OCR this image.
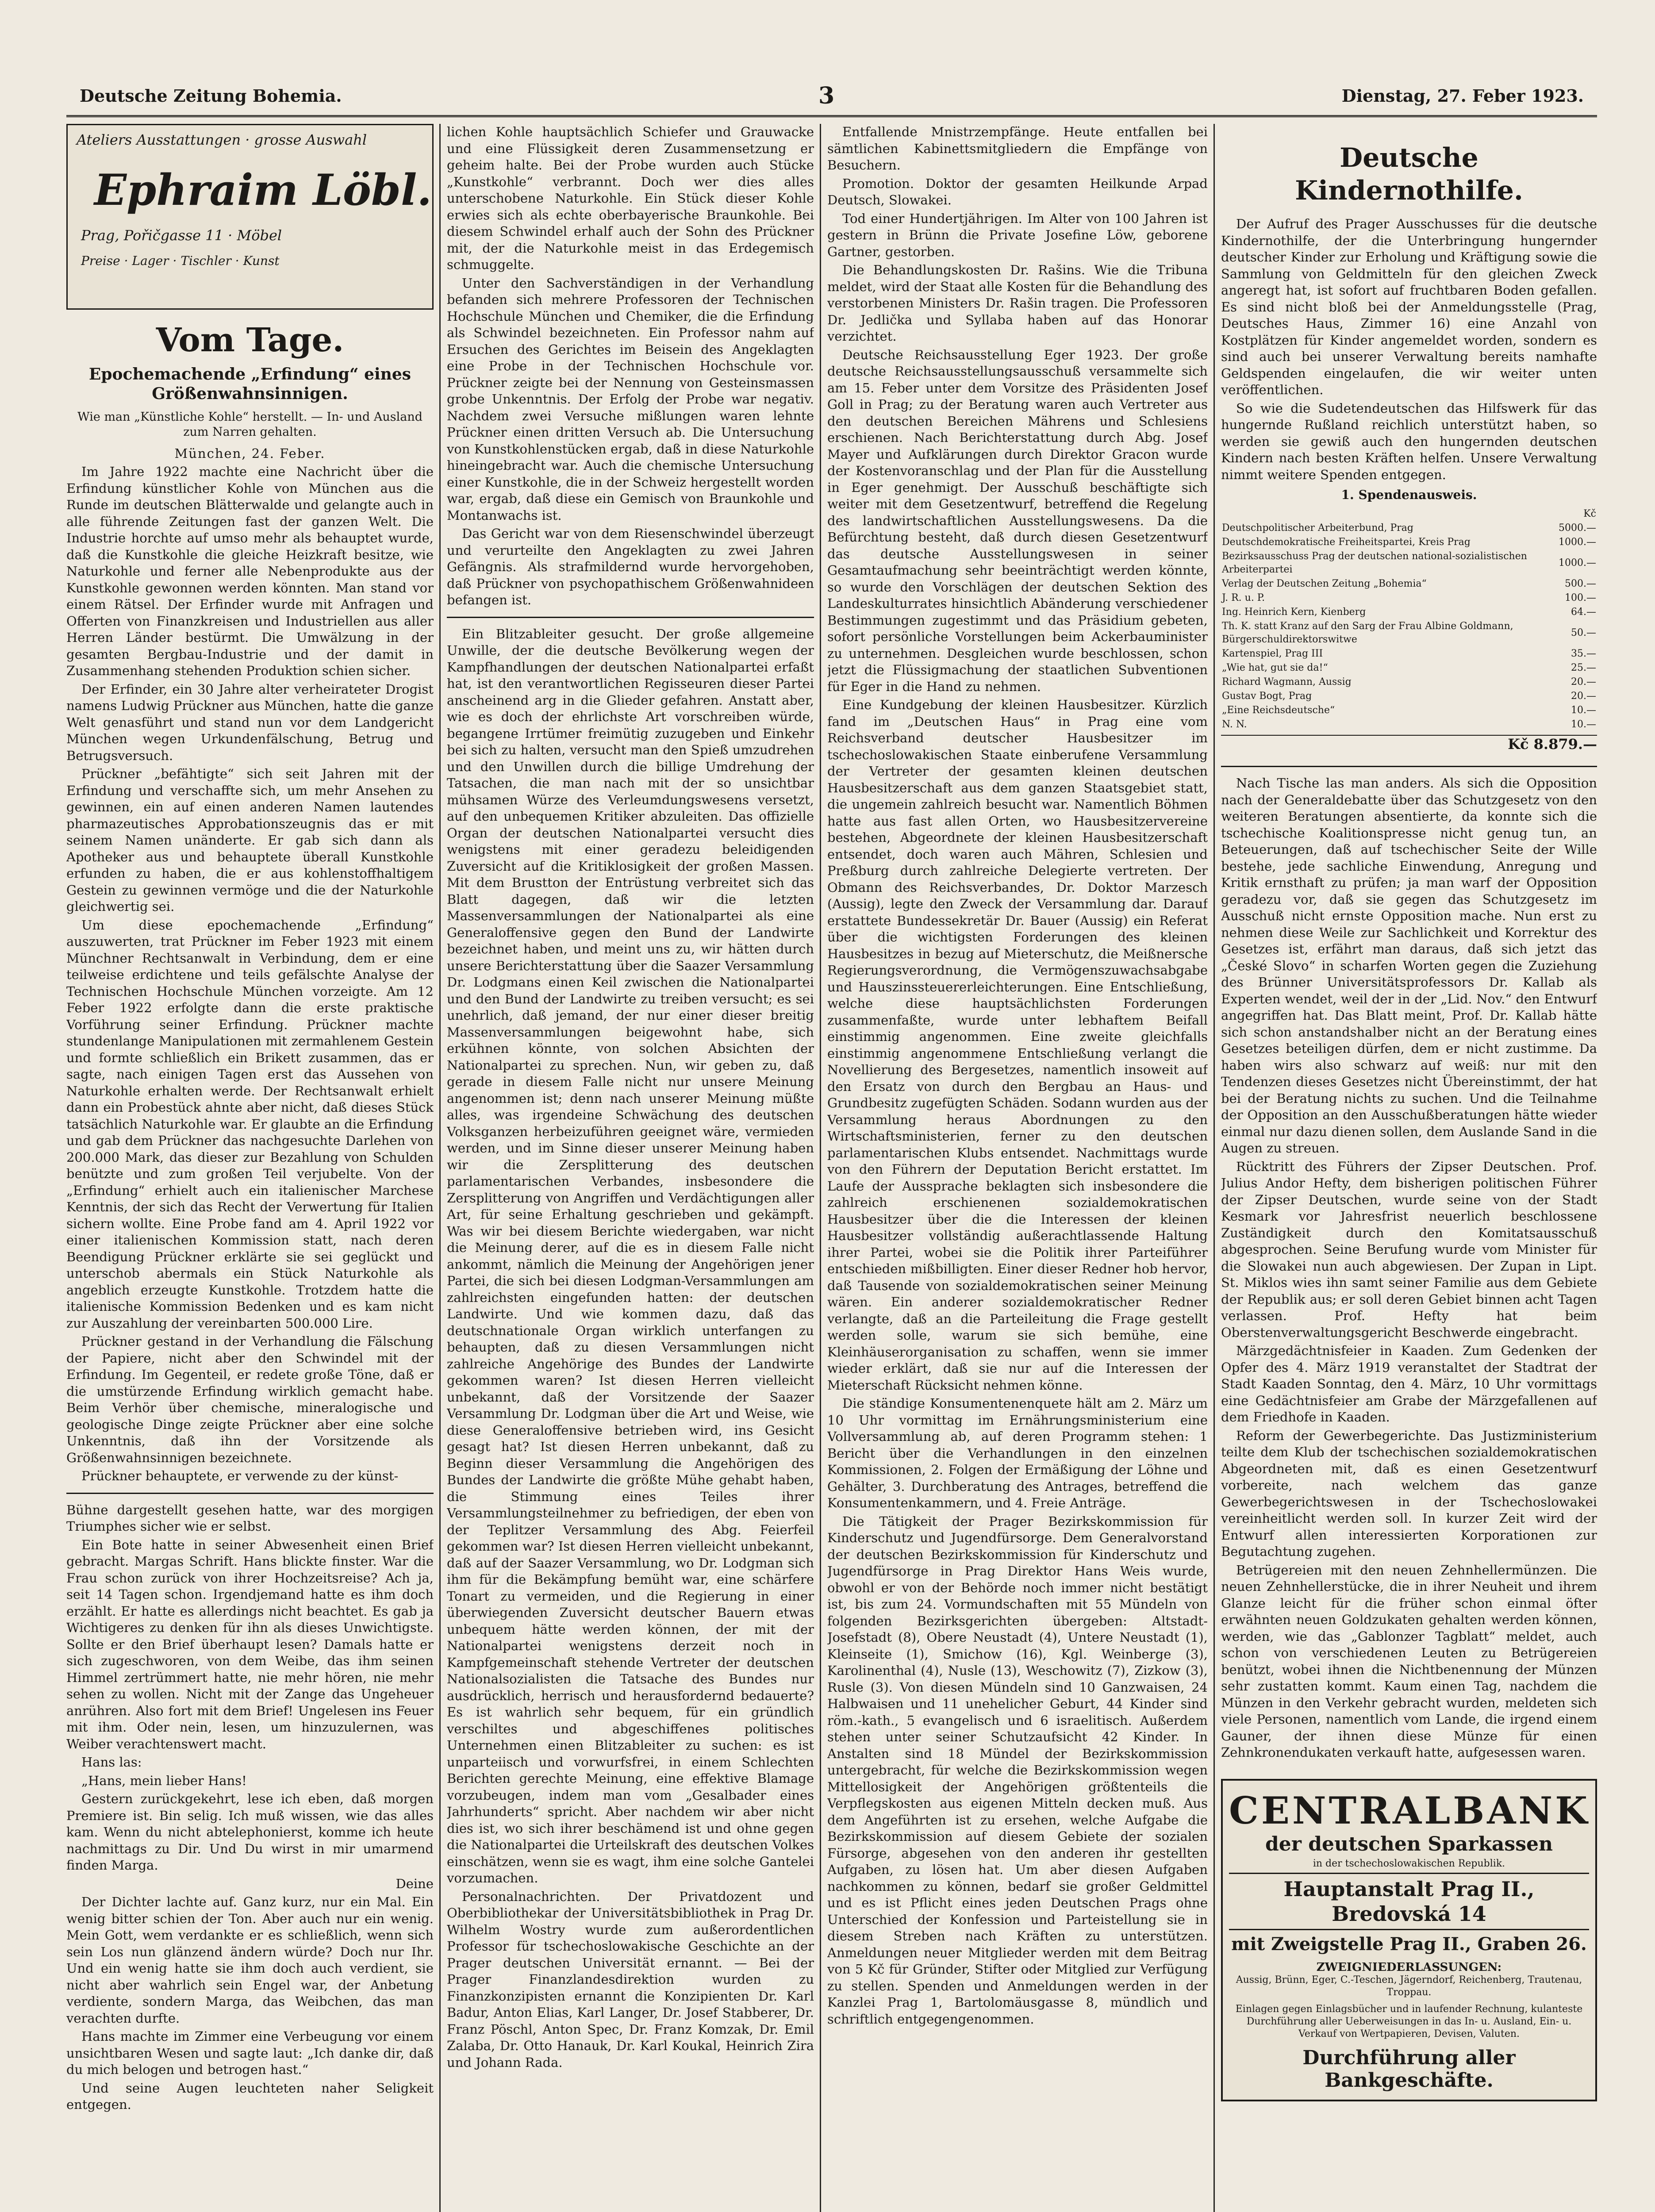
Deutsche Zeitung Bohemia.	3	Dienstag, 27. Feber 1923.
Ateliers Ausstattungen · grosse Auswahl
Ephraim Löbl.
Prag, Pořičgasse 11 · Möbel
Preise · Lager · Tischler · Kunst
Vom Tage.
Epochemachende „Erfindung“ eines Größenwahnsinnigen.
Wie man „Künstliche Kohle“ herstellt. — In- und Ausland zum Narren gehalten.
München, 24. Feber.

Im Jahre 1922 machte eine Nachricht über die Erfindung künstlicher Kohle von München aus die Runde im deutschen Blätterwalde und gelangte auch in alle führende Zeitungen fast der ganzen Welt. Die Industrie horchte auf umso mehr als behauptet wurde, daß die Kunstkohle die gleiche Heizkraft besitze, wie Naturkohle und ferner alle Nebenprodukte aus der Kunstkohle gewonnen werden könnten. Man stand vor einem Rätsel. Der Erfinder wurde mit Anfragen und Offerten von Finanzkreisen und Industriellen aus aller Herren Länder bestürmt. Die Umwälzung in der gesamten Bergbau-Industrie und der damit in Zusammenhang stehenden Produktion schien sicher.

Der Erfinder, ein 30 Jahre alter verheirateter Drogist namens Ludwig Prückner aus München, hatte die ganze Welt genasführt und stand nun vor dem Landgericht München wegen Urkundenfälschung, Betrug und Betrugsversuch.

Prückner „befähtigte“ sich seit Jahren mit der Erfindung und verschaffte sich, um mehr Ansehen zu gewinnen, ein auf einen anderen Namen lautendes pharmazeutisches Approbationszeugnis das er mit seinem Namen unänderte. Er gab sich dann als Apotheker aus und behauptete überall Kunstkohle erfunden zu haben, die er aus kohlenstoffhaltigem Gestein zu gewinnen vermöge und die der Naturkohle gleichwertig sei.

Um diese epochemachende „Erfindung“ auszuwerten, trat Prückner im Feber 1923 mit einem Münchner Rechtsanwalt in Verbindung, dem er eine teilweise erdichtene und teils gefälschte Analyse der Technischen Hochschule München vorzeigte. Am 12 Feber 1922 erfolgte dann die erste praktische Vorführung seiner Erfindung. Prückner machte stundenlange Manipulationen mit zermahlenem Gestein und formte schließlich ein Brikett zusammen, das er sagte, nach einigen Tagen erst das Aussehen von Naturkohle erhalten werde. Der Rechtsanwalt erhielt dann ein Probestück ahnte aber nicht, daß dieses Stück tatsächlich Naturkohle war. Er glaubte an die Erfindung und gab dem Prückner das nachgesuchte Darlehen von 200.000 Mark, das dieser zur Bezahlung von Schulden benützte und zum großen Teil verjubelte. Von der „Erfindung“ erhielt auch ein italienischer Marchese Kenntnis, der sich das Recht der Verwertung für Italien sichern wollte. Eine Probe fand am 4. April 1922 vor einer italienischen Kommission statt, nach deren Beendigung Prückner erklärte sie sei geglückt und unterschob abermals ein Stück Naturkohle als angeblich erzeugte Kunstkohle. Trotzdem hatte die italienische Kommission Bedenken und es kam nicht zur Auszahlung der vereinbarten 500.000 Lire.

Prückner gestand in der Verhandlung die Fälschung der Papiere, nicht aber den Schwindel mit der Erfindung. Im Gegenteil, er redete große Töne, daß er die umstürzende Erfindung wirklich gemacht habe. Beim Verhör über chemische, mineralogische und geologische Dinge zeigte Prückner aber eine solche Unkenntnis, daß ihn der Vorsitzende als Größenwahnsinnigen bezeichnete.

Prückner behauptete, er verwende zu der künst-

Bühne dargestellt gesehen hatte, war des morgigen Triumphes sicher wie er selbst.

Ein Bote hatte in seiner Abwesenheit einen Brief gebracht. Margas Schrift. Hans blickte finster. War die Frau schon zurück von ihrer Hochzeitsreise? Ach ja, seit 14 Tagen schon. Irgendjemand hatte es ihm doch erzählt. Er hatte es allerdings nicht beachtet. Es gab ja Wichtigeres zu denken für ihn als dieses Unwichtigste. Sollte er den Brief überhaupt lesen? Damals hatte er sich zugeschworen, von dem Weibe, das ihm seinen Himmel zertrümmert hatte, nie mehr hören, nie mehr sehen zu wollen. Nicht mit der Zange das Ungeheuer anrühren. Also fort mit dem Brief! Ungelesen ins Feuer mit ihm. Oder nein, lesen, um hinzuzulernen, was Weiber verachtenswert macht.

Hans las:

„Hans, mein lieber Hans!

Gestern zurückgekehrt, lese ich eben, daß morgen Premiere ist. Bin selig. Ich muß wissen, wie das alles kam. Wenn du nicht abtelephonierst, komme ich heute nachmittags zu Dir. Und Du wirst in mir umarmend finden Marga.

Deine

Der Dichter lachte auf. Ganz kurz, nur ein Mal. Ein wenig bitter schien der Ton. Aber auch nur ein wenig. Mein Gott, wem verdankte er es schließlich, wenn sich sein Los nun glänzend ändern würde? Doch nur Ihr. Und ein wenig hatte sie ihm doch auch verdient, sie nicht aber wahrlich sein Engel war, der Anbetung verdiente, sondern Marga, das Weibchen, das man verachten durfte.

Hans machte im Zimmer eine Verbeugung vor einem unsichtbaren Wesen und sagte laut: „Ich danke dir, daß du mich belogen und betrogen hast.“

Und seine Augen leuchteten naher Seligkeit entgegen.

lichen Kohle hauptsächlich Schiefer und Grauwacke und eine Flüssigkeit deren Zusammensetzung er geheim halte. Bei der Probe wurden auch Stücke „Kunstkohle“ verbrannt. Doch wer dies alles unterschobene Naturkohle. Ein Stück dieser Kohle erwies sich als echte oberbayerische Braunkohle. Bei diesem Schwindel erhalf auch der Sohn des Prückner mit, der die Naturkohle meist in das Erdegemisch schmuggelte.

Unter den Sachverständigen in der Verhandlung befanden sich mehrere Professoren der Technischen Hochschule München und Chemiker, die die Erfindung als Schwindel bezeichneten. Ein Professor nahm auf Ersuchen des Gerichtes im Beisein des Angeklagten eine Probe in der Technischen Hochschule vor. Prückner zeigte bei der Nennung von Gesteinsmassen grobe Unkenntnis. Der Erfolg der Probe war negativ. Nachdem zwei Versuche mißlungen waren lehnte Prückner einen dritten Versuch ab. Die Untersuchung von Kunstkohlenstücken ergab, daß in diese Naturkohle hineingebracht war. Auch die chemische Untersuchung einer Kunstkohle, die in der Schweiz hergestellt worden war, ergab, daß diese ein Gemisch von Braunkohle und Montanwachs ist.

Das Gericht war von dem Riesenschwindel überzeugt und verurteilte den Angeklagten zu zwei Jahren Gefängnis. Als strafmildernd wurde hervorgehoben, daß Prückner von psychopathischem Größenwahnideen befangen ist.

Ein Blitzableiter gesucht. Der große allgemeine Unwille, der die deutsche Bevölkerung wegen der Kampfhandlungen der deutschen Nationalpartei erfaßt hat, ist den verantwortlichen Regisseuren dieser Partei anscheinend arg in die Glieder gefahren. Anstatt aber, wie es doch der ehrlichste Art vorschreiben würde, begangene Irrtümer freimütig zuzugeben und Einkehr bei sich zu halten, versucht man den Spieß umzudrehen und den Unwillen durch die billige Umdrehung der Tatsachen, die man nach mit der so unsichtbar mühsamen Würze des Verleumdungswesens versetzt, auf den unbequemen Kritiker abzuleiten. Das offizielle Organ der deutschen Nationalpartei versucht dies wenigstens mit einer geradezu beleidigenden Zuversicht auf die Kritiklosigkeit der großen Massen. Mit dem Brustton der Entrüstung verbreitet sich das Blatt dagegen, daß wir die letzten Massenversammlungen der Nationalpartei als eine Generaloffensive gegen den Bund der Landwirte bezeichnet haben, und meint uns zu, wir hätten durch unsere Berichterstattung über die Saazer Versammlung Dr. Lodgmans einen Keil zwischen die Nationalpartei und den Bund der Landwirte zu treiben versucht; es sei unehrlich, daß jemand, der nur einer dieser breitig Massenversammlungen beigewohnt habe, sich erkühnen könnte, von solchen Absichten der Nationalpartei zu sprechen. Nun, wir geben zu, daß gerade in diesem Falle nicht nur unsere Meinung angenommen ist; denn nach unserer Meinung müßte alles, was irgendeine Schwächung des deutschen Volksganzen herbeizuführen geeignet wäre, vermieden werden, und im Sinne dieser unserer Meinung haben wir die Zersplitterung des deutschen parlamentarischen Verbandes, insbesondere die Zersplitterung von Angriffen und Verdächtigungen aller Art, für seine Erhaltung geschrieben und gekämpft. Was wir bei diesem Berichte wiedergaben, war nicht die Meinung derer, auf die es in diesem Falle nicht ankommt, nämlich die Meinung der Angehörigen jener Partei, die sich bei diesen Lodgman-Versammlungen am zahlreichsten eingefunden hatten: der deutschen Landwirte. Und wie kommen dazu, daß das deutschnationale Organ wirklich unterfangen zu behaupten, daß zu diesen Versammlungen nicht zahlreiche Angehörige des Bundes der Landwirte gekommen waren? Ist diesen Herren vielleicht unbekannt, daß der Vorsitzende der Saazer Versammlung Dr. Lodgman über die Art und Weise, wie diese Generaloffensive betrieben wird, ins Gesicht gesagt hat? Ist diesen Herren unbekannt, daß zu Beginn dieser Versammlung die Angehörigen des Bundes der Landwirte die größte Mühe gehabt haben, die Stimmung eines Teiles ihrer Versammlungsteilnehmer zu befriedigen, der eben von der Teplitzer Versammlung des Abg. Feierfeil gekommen war? Ist diesen Herren vielleicht unbekannt, daß auf der Saazer Versammlung, wo Dr. Lodgman sich ihm für die Bekämpfung bemüht war, eine schärfere Tonart zu vermeiden, und die Regierung in einer überwiegenden Zuversicht deutscher Bauern etwas unbequem hätte werden können, der mit der Nationalpartei wenigstens derzeit noch in Kampfgemeinschaft stehende Vertreter der deutschen Nationalsozialisten die Tatsache des Bundes nur ausdrücklich, herrisch und herausfordernd bedauerte? Es ist wahrlich sehr bequem, für ein gründlich verschiltes und abgeschiffenes politisches Unternehmen einen Blitzableiter zu suchen: es ist unparteiisch und vorwurfsfrei, in einem Schlechten Berichten gerechte Meinung, eine effektive Blamage vorzubeugen, indem man vom „Gesalbader eines Jahrhunderts“ spricht. Aber nachdem wir aber nicht dies ist, wo sich ihrer beschämend ist und ohne gegen die Nationalpartei die Urteilskraft des deutschen Volkes einschätzen, wenn sie es wagt, ihm eine solche Gantelei vorzumachen.

Personalnachrichten. Der Privatdozent und Oberbibliothekar der Universitätsbibliothek in Prag Dr. Wilhelm Wostry wurde zum außerordentlichen Professor für tschechoslowakische Geschichte an der Prager deutschen Universität ernannt. — Bei der Prager Finanzlandesdirektion wurden zu Finanzkonzipisten ernannt die Konzipienten Dr. Karl Badur, Anton Elias, Karl Langer, Dr. Josef Stabberer, Dr. Franz Pöschl, Anton Spec, Dr. Franz Komzak, Dr. Emil Zalaba, Dr. Otto Hanauk, Dr. Karl Koukal, Heinrich Zira und Johann Rada.

Entfallende Mnistrzempfänge. Heute entfallen bei sämtlichen Kabinettsmitgliedern die Empfänge von Besuchern.

Promotion. Doktor der gesamten Heilkunde Arpad Deutsch, Slowakei.

Tod einer Hundertjährigen. Im Alter von 100 Jahren ist gestern in Brünn die Private Josefine Löw, geborene Gartner, gestorben.

Die Behandlungskosten Dr. Rašins. Wie die Tribuna meldet, wird der Staat alle Kosten für die Behandlung des verstorbenen Ministers Dr. Rašin tragen. Die Professoren Dr. Jedlička und Syllaba haben auf das Honorar verzichtet.

Deutsche Reichsausstellung Eger 1923. Der große deutsche Reichsausstellungsausschuß versammelte sich am 15. Feber unter dem Vorsitze des Präsidenten Josef Goll in Prag; zu der Beratung waren auch Vertreter aus den deutschen Bereichen Mährens und Schlesiens erschienen. Nach Berichterstattung durch Abg. Josef Mayer und Aufklärungen durch Direktor Gracon wurde der Kostenvoranschlag und der Plan für die Ausstellung in Eger genehmigt. Der Ausschuß beschäftigte sich weiter mit dem Gesetzentwurf, betreffend die Regelung des landwirtschaftlichen Ausstellungswesens. Da die Befürchtung besteht, daß durch diesen Gesetzentwurf das deutsche Ausstellungswesen in seiner Gesamtaufmachung sehr beeinträchtigt werden könnte, so wurde den Vorschlägen der deutschen Sektion des Landeskulturrates hinsichtlich Abänderung verschiedener Bestimmungen zugestimmt und das Präsidium gebeten, sofort persönliche Vorstellungen beim Ackerbauminister zu unternehmen. Desgleichen wurde beschlossen, schon jetzt die Flüssigmachung der staatlichen Subventionen für Eger in die Hand zu nehmen.

Eine Kundgebung der kleinen Hausbesitzer. Kürzlich fand im „Deutschen Haus“ in Prag eine vom Reichsverband deutscher Hausbesitzer im tschechoslowakischen Staate einberufene Versammlung der Vertreter der gesamten kleinen deutschen Hausbesitzerschaft aus dem ganzen Staatsgebiet statt, die ungemein zahlreich besucht war. Namentlich Böhmen hatte aus fast allen Orten, wo Hausbesitzervereine bestehen, Abgeordnete der kleinen Hausbesitzerschaft entsendet, doch waren auch Mähren, Schlesien und Preßburg durch zahlreiche Delegierte vertreten. Der Obmann des Reichsverbandes, Dr. Doktor Marzesch (Aussig), legte den Zweck der Versammlung dar. Darauf erstattete Bundessekretär Dr. Bauer (Aussig) ein Referat über die wichtigsten Forderungen des kleinen Hausbesitzes in bezug auf Mieterschutz, die Meißnersche Regierungsverordnung, die Vermögenszuwachsabgabe und Hauszinssteuererleichterungen. Eine Entschließung, welche diese hauptsächlichsten Forderungen zusammenfaßte, wurde unter lebhaftem Beifall einstimmig angenommen. Eine zweite gleichfalls einstimmig angenommene Entschließung verlangt die Novellierung des Bergesetzes, namentlich insoweit auf den Ersatz von durch den Bergbau an Haus- und Grundbesitz zugefügten Schäden. Sodann wurden aus der Versammlung heraus Abordnungen zu den Wirtschaftsministerien, ferner zu den deutschen parlamentarischen Klubs entsendet. Nachmittags wurde von den Führern der Deputation Bericht erstattet. Im Laufe der Aussprache beklagten sich insbesondere die zahlreich erschienenen sozialdemokratischen Hausbesitzer über die die Interessen der kleinen Hausbesitzer vollständig außerachtlassende Haltung ihrer Partei, wobei sie die Politik ihrer Parteiführer entschieden mißbilligten. Einer dieser Redner hob hervor, daß Tausende von sozialdemokratischen seiner Meinung wären. Ein anderer sozialdemokratischer Redner verlangte, daß an die Parteileitung die Frage gestellt werden solle, warum sie sich bemühe, eine Kleinhäuserorganisation zu schaffen, wenn sie immer wieder erklärt, daß sie nur auf die Interessen der Mieterschaft Rücksicht nehmen könne.

Die ständige Konsumentenenquete hält am 2. März um 10 Uhr vormittag im Ernährungsministerium eine Vollversammlung ab, auf deren Programm stehen: 1 Bericht über die Verhandlungen in den einzelnen Kommissionen, 2. Folgen der Ermäßigung der Löhne und Gehälter, 3. Durchberatung des Antrages, betreffend die Konsumentenkammern, und 4. Freie Anträge.

Die Tätigkeit der Prager Bezirkskommission für Kinderschutz und Jugendfürsorge. Dem Generalvorstand der deutschen Bezirkskommission für Kinderschutz und Jugendfürsorge in Prag Direktor Hans Weis wurde, obwohl er von der Behörde noch immer nicht bestätigt ist, bis zum 24. Vormundschaften mit 55 Mündeln von folgenden Bezirksgerichten übergeben: Altstadt-Josefstadt (8), Obere Neustadt (4), Untere Neustadt (1), Kleinseite (1), Smichow (16), Kgl. Weinberge (3), Karolinenthal (4), Nusle (13), Weschowitz (7), Zizkow (3), Rusle (3). Von diesen Mündeln sind 10 Ganzwaisen, 24 Halbwaisen und 11 unehelicher Geburt, 44 Kinder sind röm.-kath., 5 evangelisch und 6 israelitisch. Außerdem stehen unter seiner Schutzaufsicht 42 Kinder. In Anstalten sind 18 Mündel der Bezirkskommission untergebracht, für welche die Bezirkskommission wegen Mittellosigkeit der Angehörigen größtenteils die Verpflegskosten aus eigenen Mitteln decken muß. Aus dem Angeführten ist zu ersehen, welche Aufgabe die Bezirkskommission auf diesem Gebiete der sozialen Fürsorge, abgesehen von den anderen ihr gestellten Aufgaben, zu lösen hat. Um aber diesen Aufgaben nachkommen zu können, bedarf sie großer Geldmittel und es ist Pflicht eines jeden Deutschen Prags ohne Unterschied der Konfession und Parteistellung sie in diesem Streben nach Kräften zu unterstützen. Anmeldungen neuer Mitglieder werden mit dem Beitrag von 5 Kč für Gründer, Stifter oder Mitglied zur Verfügung zu stellen. Spenden und Anmeldungen werden in der Kanzlei Prag 1, Bartolomäusgasse 8, mündlich und schriftlich entgegengenommen.

Deutsche Kindernothilfe.

Der Aufruf des Prager Ausschusses für die deutsche Kindernothilfe, der die Unterbringung hungernder deutscher Kinder zur Erholung und Kräftigung sowie die Sammlung von Geldmitteln für den gleichen Zweck angeregt hat, ist sofort auf fruchtbaren Boden gefallen. Es sind nicht bloß bei der Anmeldungsstelle (Prag, Deutsches Haus, Zimmer 16) eine Anzahl von Kostplätzen für Kinder angemeldet worden, sondern es sind auch bei unserer Verwaltung bereits namhafte Geldspenden eingelaufen, die wir weiter unten veröffentlichen.

So wie die Sudetendeutschen das Hilfswerk für das hungernde Rußland reichlich unterstützt haben, so werden sie gewiß auch den hungernden deutschen Kindern nach besten Kräften helfen. Unsere Verwaltung nimmt weitere Spenden entgegen.

1. Spendenausweis.
	Kč
Deutschpolitischer Arbeiterbund, Prag	5000.—
Deutschdemokratische Freiheitspartei, Kreis Prag	1000.—
Bezirksausschuss Prag der deutschen national-sozialistischen Arbeiterpartei	1000.—
Verlag der Deutschen Zeitung „Bohemia“	500.—
J. R. u. P.	100.—
Ing. Heinrich Kern, Kienberg	64.—
Th. K. statt Kranz auf den Sarg der Frau Albine Goldmann, Bürgerschuldirektorswitwe	50.—
Kartenspiel, Prag III	35.—
„Wie hat, gut sie da!“	25.—
Richard Wagmann, Aussig	20.—
Gustav Bogt, Prag	20.—
„Eine Reichsdeutsche“	10.—
N. N.	10.—
Kč 8.879.—

Nach Tische las man anders. Als sich die Opposition nach der Generaldebatte über das Schutzgesetz von den weiteren Beratungen absentierte, da konnte sich die tschechische Koalitionspresse nicht genug tun, an Beteuerungen, daß auf tschechischer Seite der Wille bestehe, jede sachliche Einwendung, Anregung und Kritik ernsthaft zu prüfen; ja man warf der Opposition geradezu vor, daß sie gegen das Schutzgesetz im Ausschuß nicht ernste Opposition mache. Nun erst zu nehmen diese Weile zur Sachlichkeit und Korrektur des Gesetzes ist, erfährt man daraus, daß sich jetzt das „České Slovo“ in scharfen Worten gegen die Zuziehung des Brünner Universitätsprofessors Dr. Kallab als Experten wendet, weil der in der „Lid. Nov.“ den Entwurf angegriffen hat. Das Blatt meint, Prof. Dr. Kallab hätte sich schon anstandshalber nicht an der Beratung eines Gesetzes beteiligen dürfen, dem er nicht zustimme. Da haben wirs also schwarz auf weiß: nur mit den Tendenzen dieses Gesetzes nicht Übereinstimmt, der hat bei der Beratung nichts zu suchen. Und die Teilnahme der Opposition an den Ausschußberatungen hätte wieder einmal nur dazu dienen sollen, dem Auslande Sand in die Augen zu streuen.

Rücktritt des Führers der Zipser Deutschen. Prof. Julius Andor Hefty, dem bisherigen politischen Führer der Zipser Deutschen, wurde seine von der Stadt Kesmark vor Jahresfrist neuerlich beschlossene Zuständigkeit durch den Komitatsausschuß abgesprochen. Seine Berufung wurde vom Minister für die Slowakei nun auch abgewiesen. Der Zupan in Lipt. St. Miklos wies ihn samt seiner Familie aus dem Gebiete der Republik aus; er soll deren Gebiet binnen acht Tagen verlassen. Prof. Hefty hat beim Oberstenverwaltungsgericht Beschwerde eingebracht.

Märzgedächtnisfeier in Kaaden. Zum Gedenken der Opfer des 4. März 1919 veranstaltet der Stadtrat der Stadt Kaaden Sonntag, den 4. März, 10 Uhr vormittags eine Gedächtnisfeier am Grabe der Märzgefallenen auf dem Friedhofe in Kaaden.

Reform der Gewerbegerichte. Das Justizministerium teilte dem Klub der tschechischen sozialdemokratischen Abgeordneten mit, daß es einen Gesetzentwurf vorbereite, nach welchem das ganze Gewerbegerichtswesen in der Tschechoslowakei vereinheitlicht werden soll. In kurzer Zeit wird der Entwurf allen interessierten Korporationen zur Begutachtung zugehen.

Betrügereien mit den neuen Zehnhellermünzen. Die neuen Zehnhellerstücke, die in ihrer Neuheit und ihrem Glanze leicht für die früher schon einmal öfter erwähnten neuen Goldzukaten gehalten werden können, werden, wie das „Gablonzer Tagblatt“ meldet, auch schon von verschiedenen Leuten zu Betrügereien benützt, wobei ihnen die Nichtbenennung der Münzen sehr zustatten kommt. Kaum einen Tag, nachdem die Münzen in den Verkehr gebracht wurden, meldeten sich viele Personen, namentlich vom Lande, die irgend einem Gauner, der ihnen diese Münze für einen Zehnkronendukaten verkauft hatte, aufgesessen waren.

CENTRALBANK
der deutschen Sparkassen
in der tschechoslowakischen Republik.
Hauptanstalt Prag II., Bredovská 14
mit Zweigstelle Prag II., Graben 26.
ZWEIGNIEDERLASSUNGEN:
Aussig, Brünn, Eger, C.-Teschen, Jägerndorf, Reichenberg, Trautenau, Troppau.
Einlagen gegen Einlagsbücher und in laufender Rechnung, kulanteste Durchführung aller Ueberweisungen in das In- u. Ausland, Ein- u. Verkauf von Wertpapieren, Devisen, Valuten.
Durchführung aller Bankgeschäfte.
